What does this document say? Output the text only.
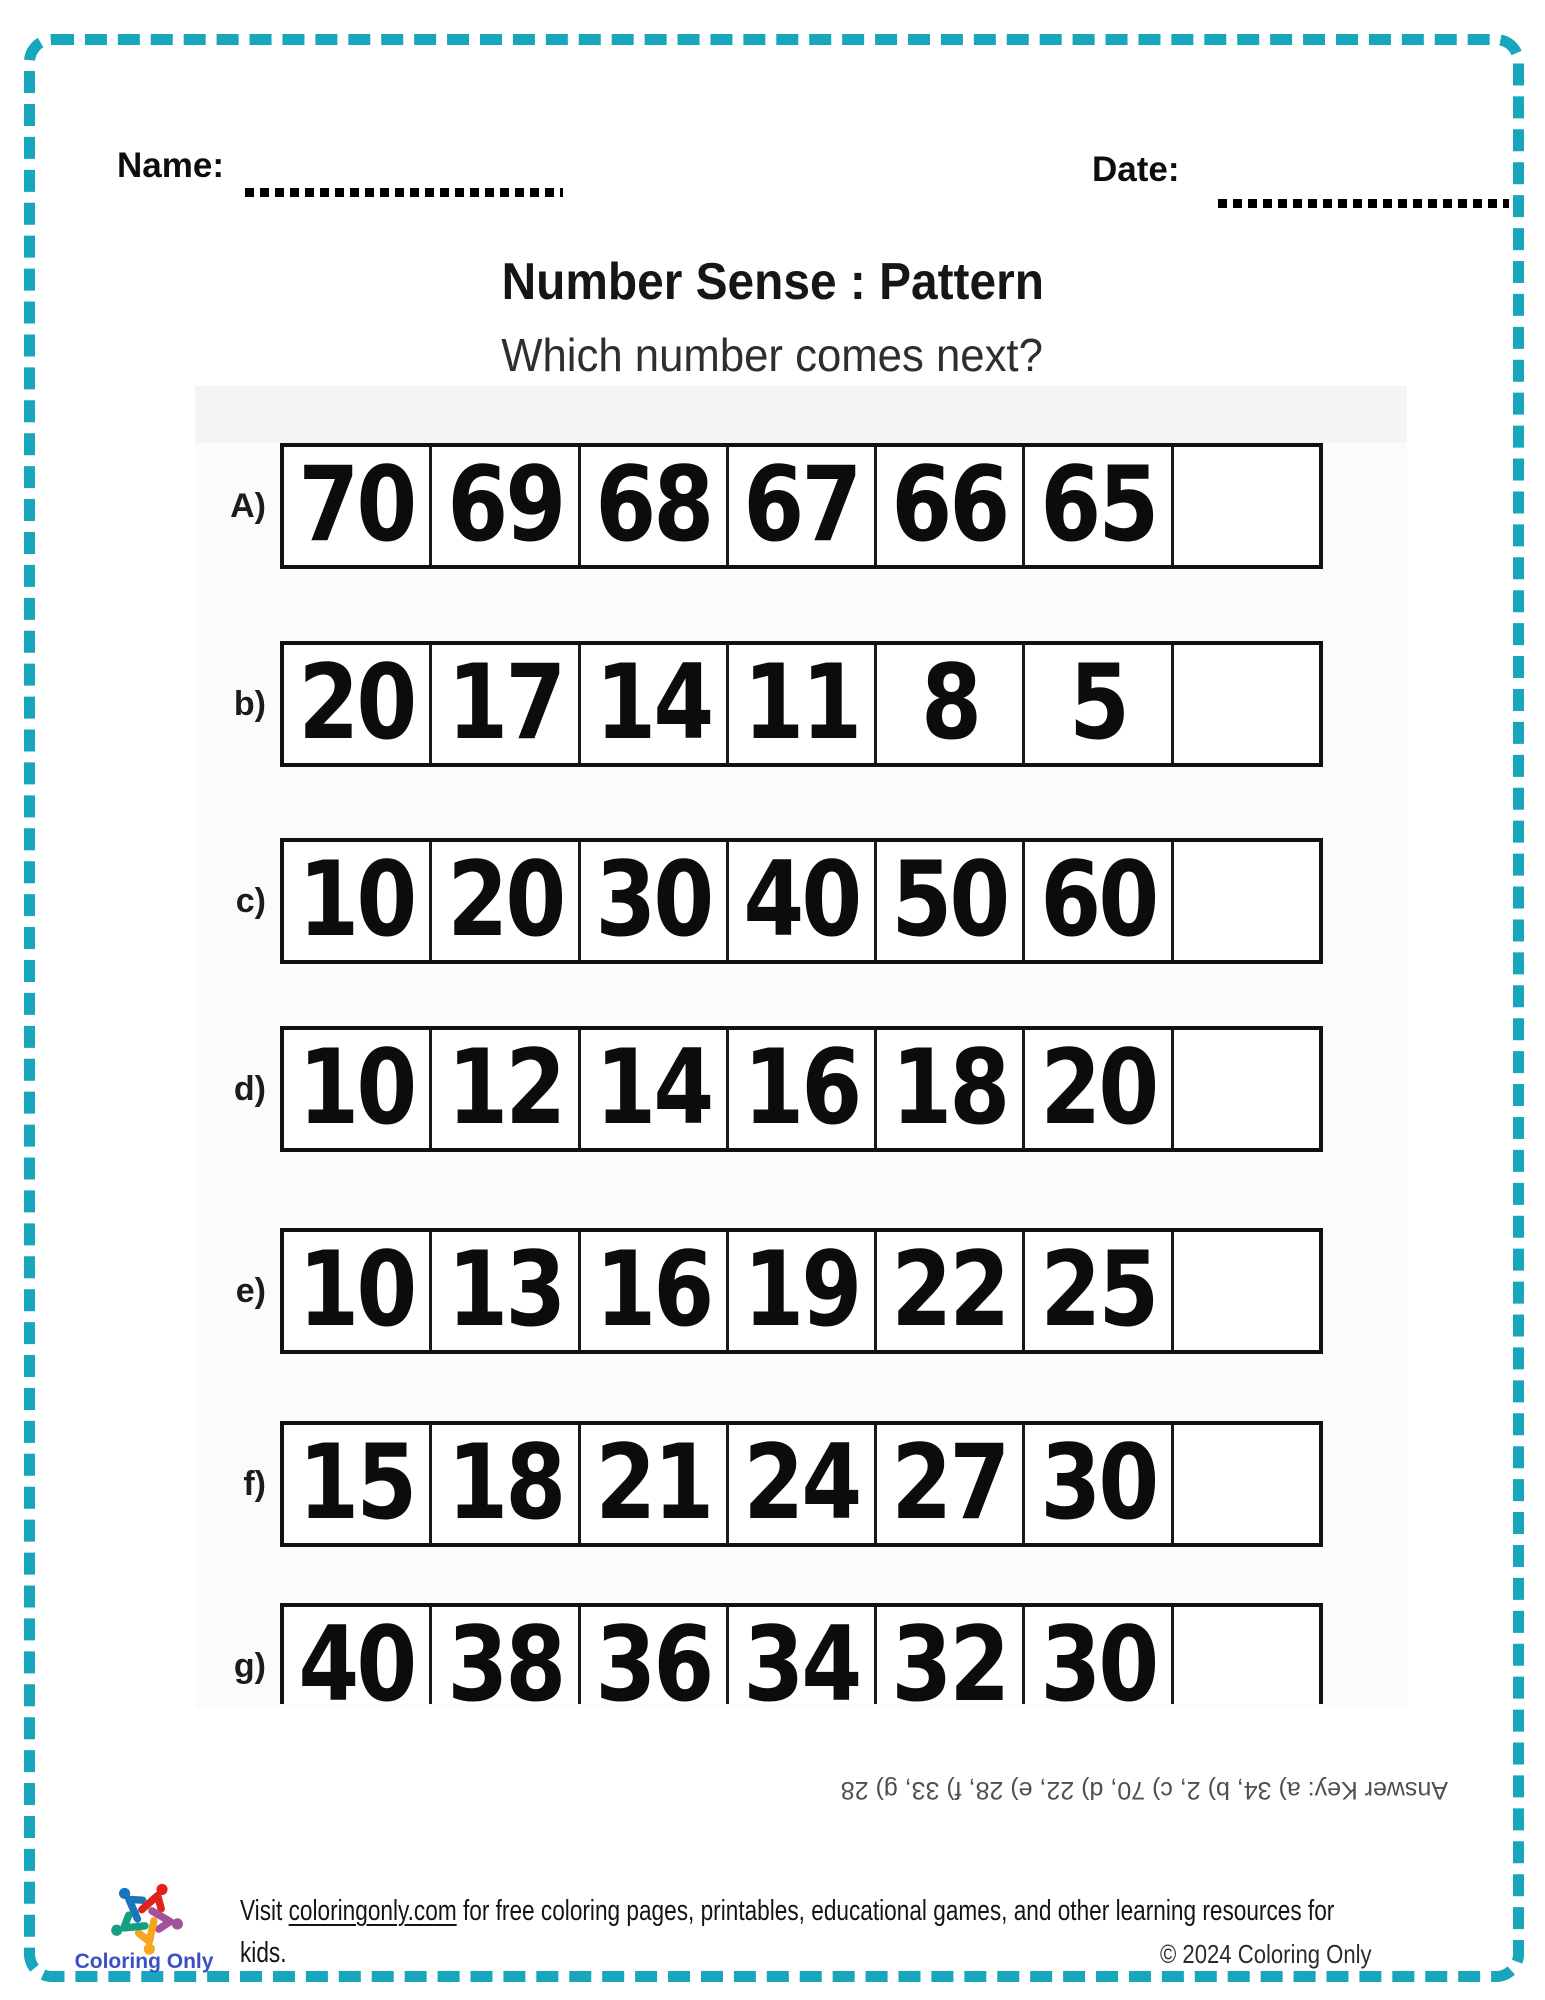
Name:	Date:
Number Sense : Pattern
Which number comes next?
A) 70 69 68 67 66 65
b) 20 17 14 11 8 5
c) 10 20 30 40 50 60
d) 10 12 14 16 18 20
e) 10 13 16 19 22 25
f) 15 18 21 24 27 30
g) 40 38 36 34 32 30
Answer Key: a) 34, b) 2, c) 70, d) 22, e) 28, f) 33, g) 28
Coloring Only
Visit coloringonly.com for free coloring pages, printables, educational games, and other learning resources for
kids.	© 2024 Coloring Only
